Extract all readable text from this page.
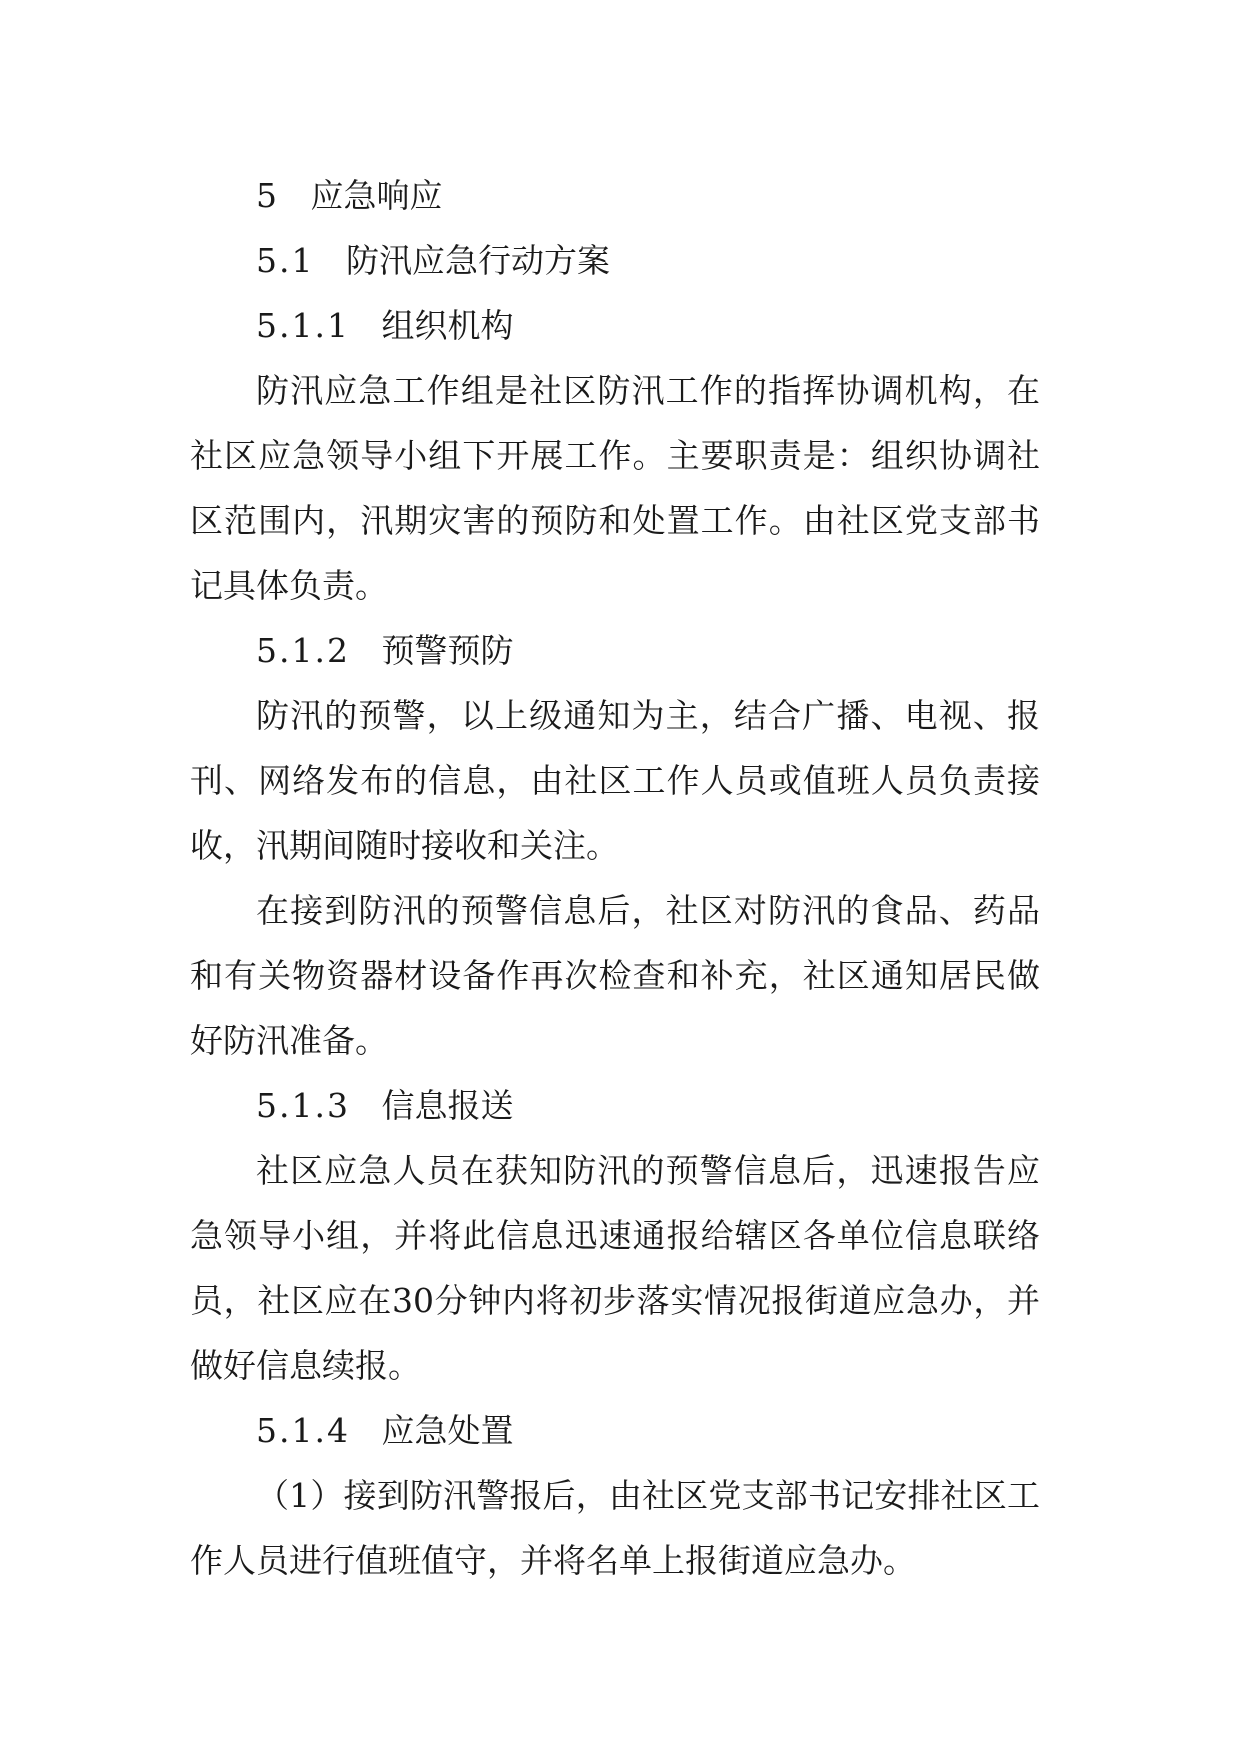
5 应急响应

5.1 防汛应急行动方案

5.1.1 组织机构

防汛应急工作组是社区防汛工作的指挥协调机构，在社区应急领导小组下开展工作。主要职责是：组织协调社区范围内，汛期灾害的预防和处置工作。由社区党支部书记具体负责。

5.1.2 预警预防

防汛的预警，以上级通知为主，结合广播、电视、报刊、网络发布的信息，由社区工作人员或值班人员负责接收，汛期间随时接收和关注。

在接到防汛的预警信息后，社区对防汛的食品、药品和有关物资器材设备作再次检查和补充，社区通知居民做好防汛准备。

5.1.3 信息报送

社区应急人员在获知防汛的预警信息后，迅速报告应急领导小组，并将此信息迅速通报给辖区各单位信息联络员，社区应在30分钟内将初步落实情况报街道应急办，并做好信息续报。

5.1.4 应急处置

（1）接到防汛警报后，由社区党支部书记安排社区工作人员进行值班值守，并将名单上报街道应急办。
